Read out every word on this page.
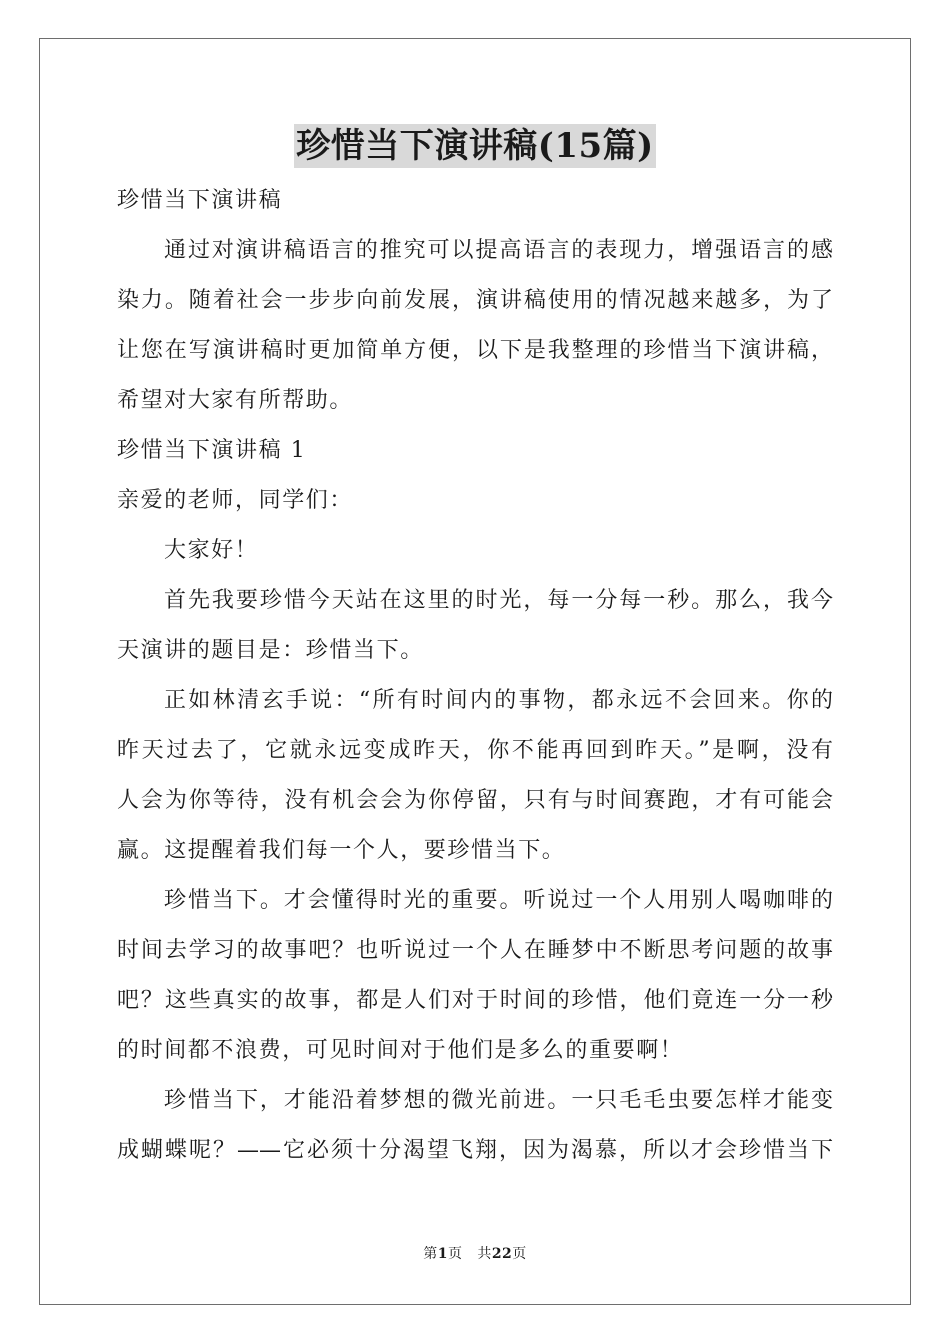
珍惜当下演讲稿(15篇)
珍惜当下演讲稿
通过对演讲稿语言的推究可以提高语言的表现力，增强语言的感
染力。随着社会一步步向前发展，演讲稿使用的情况越来越多，为了
让您在写演讲稿时更加简单方便，以下是我整理的珍惜当下演讲稿，
希望对大家有所帮助。
珍惜当下演讲稿 1
亲爱的老师，同学们：
大家好！
首先我要珍惜今天站在这里的时光，每一分每一秒。那么，我今
天演讲的题目是：珍惜当下。
正如林清玄手说：“所有时间内的事物，都永远不会回来。你的
昨天过去了，它就永远变成昨天，你不能再回到昨天。”是啊，没有
人会为你等待，没有机会会为你停留，只有与时间赛跑，才有可能会
赢。这提醒着我们每一个人，要珍惜当下。
珍惜当下。才会懂得时光的重要。听说过一个人用别人喝咖啡的
时间去学习的故事吧？也听说过一个人在睡梦中不断思考问题的故事
吧？这些真实的故事，都是人们对于时间的珍惜，他们竟连一分一秒
的时间都不浪费，可见时间对于他们是多么的重要啊！
珍惜当下，才能沿着梦想的微光前进。一只毛毛虫要怎样才能变
成蝴蝶呢？——它必须十分渴望飞翔，因为渴慕，所以才会珍惜当下
第1页 共22页
